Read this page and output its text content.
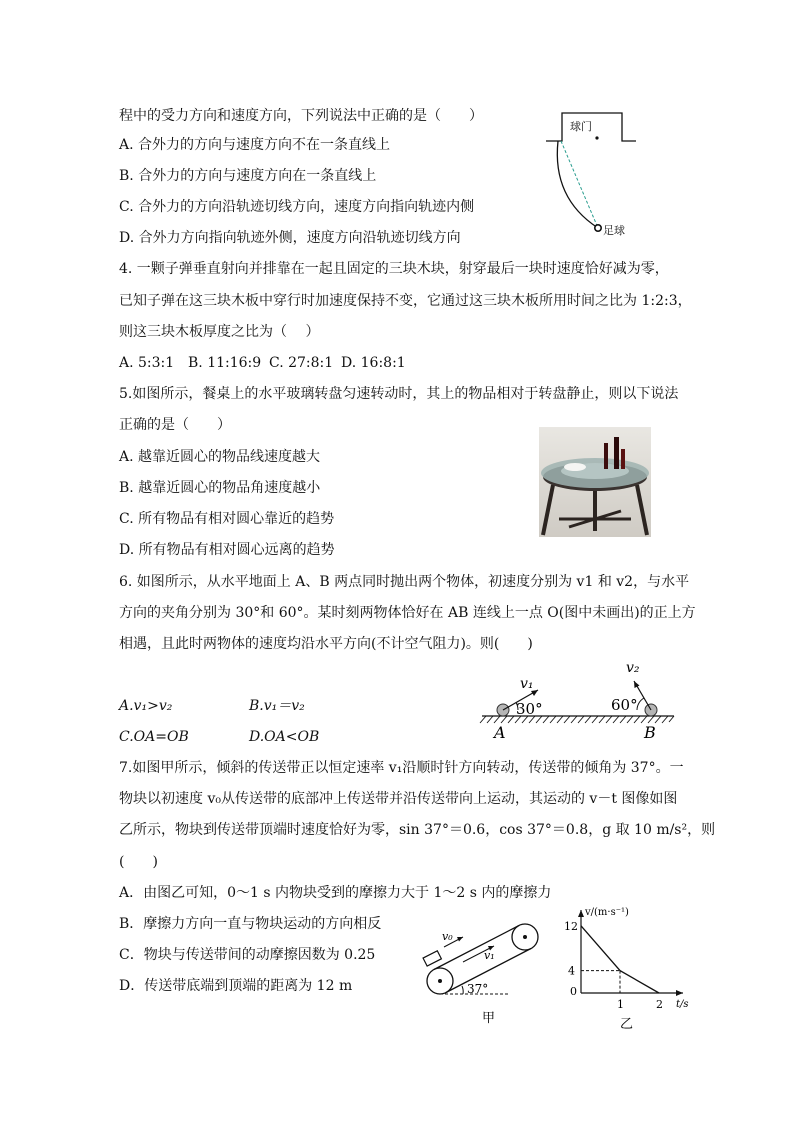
程中的受力方向和速度方向，下列说法中正确的是（　　）
A. 合外力的方向与速度方向不在一条直线上
B. 合外力的方向与速度方向在一条直线上
C. 合外力的方向沿轨迹切线方向，速度方向指向轨迹内侧
D. 合外力方向指向轨迹外侧，速度方向沿轨迹切线方向
球门
足球
4. 一颗子弹垂直射向并排靠在一起且固定的三块木块，射穿最后一块时速度恰好减为零，
已知子弹在这三块木板中穿行时加速度保持不变，它通过这三块木板所用时间之比为 1:2:3，
则这三块木板厚度之比为（　 ）
A. 5:3:1 B. 11:16:9 C. 27:8:1 D. 16:8:1
5.如图所示，餐桌上的水平玻璃转盘匀速转动时，其上的物品相对于转盘静止，则以下说法
正确的是（　　）
A. 越靠近圆心的物品线速度越大
B. 越靠近圆心的物品角速度越小
C. 所有物品有相对圆心靠近的趋势
D. 所有物品有相对圆心远离的趋势
6. 如图所示，从水平地面上 A、B 两点同时抛出两个物体，初速度分别为 v1 和 v2，与水平
方向的夹角分别为 30°和 60°。某时刻两物体恰好在 AB 连线上一点 O(图中未画出)的正上方
相遇，且此时两物体的速度均沿水平方向(不计空气阻力)。则(　　)
A.v₁>v₂	B.v₁＝v₂
C.OA=OB	D.OA<OB
v₁
v₂
30°	60°
A	B
7.如图甲所示，倾斜的传送带正以恒定速率 v₁沿顺时针方向转动，传送带的倾角为 37°。一
物块以初速度 v₀从传送带的底部冲上传送带并沿传送带向上运动，其运动的 v－t 图像如图
乙所示，物块到传送带顶端时速度恰好为零，sin 37°＝0.6，cos 37°＝0.8，g 取 10 m/s²，则
(　　)
A．由图乙可知，0～1 s 内物块受到的摩擦力大于 1～2 s 内的摩擦力
B．摩擦力方向一直与物块运动的方向相反
C．物块与传送带间的动摩擦因数为 0.25
D．传送带底端到顶端的距离为 12 m
v₀
v₁
37°
甲
v/(m·s⁻¹)
t/s
12
4
0
1	2
乙
